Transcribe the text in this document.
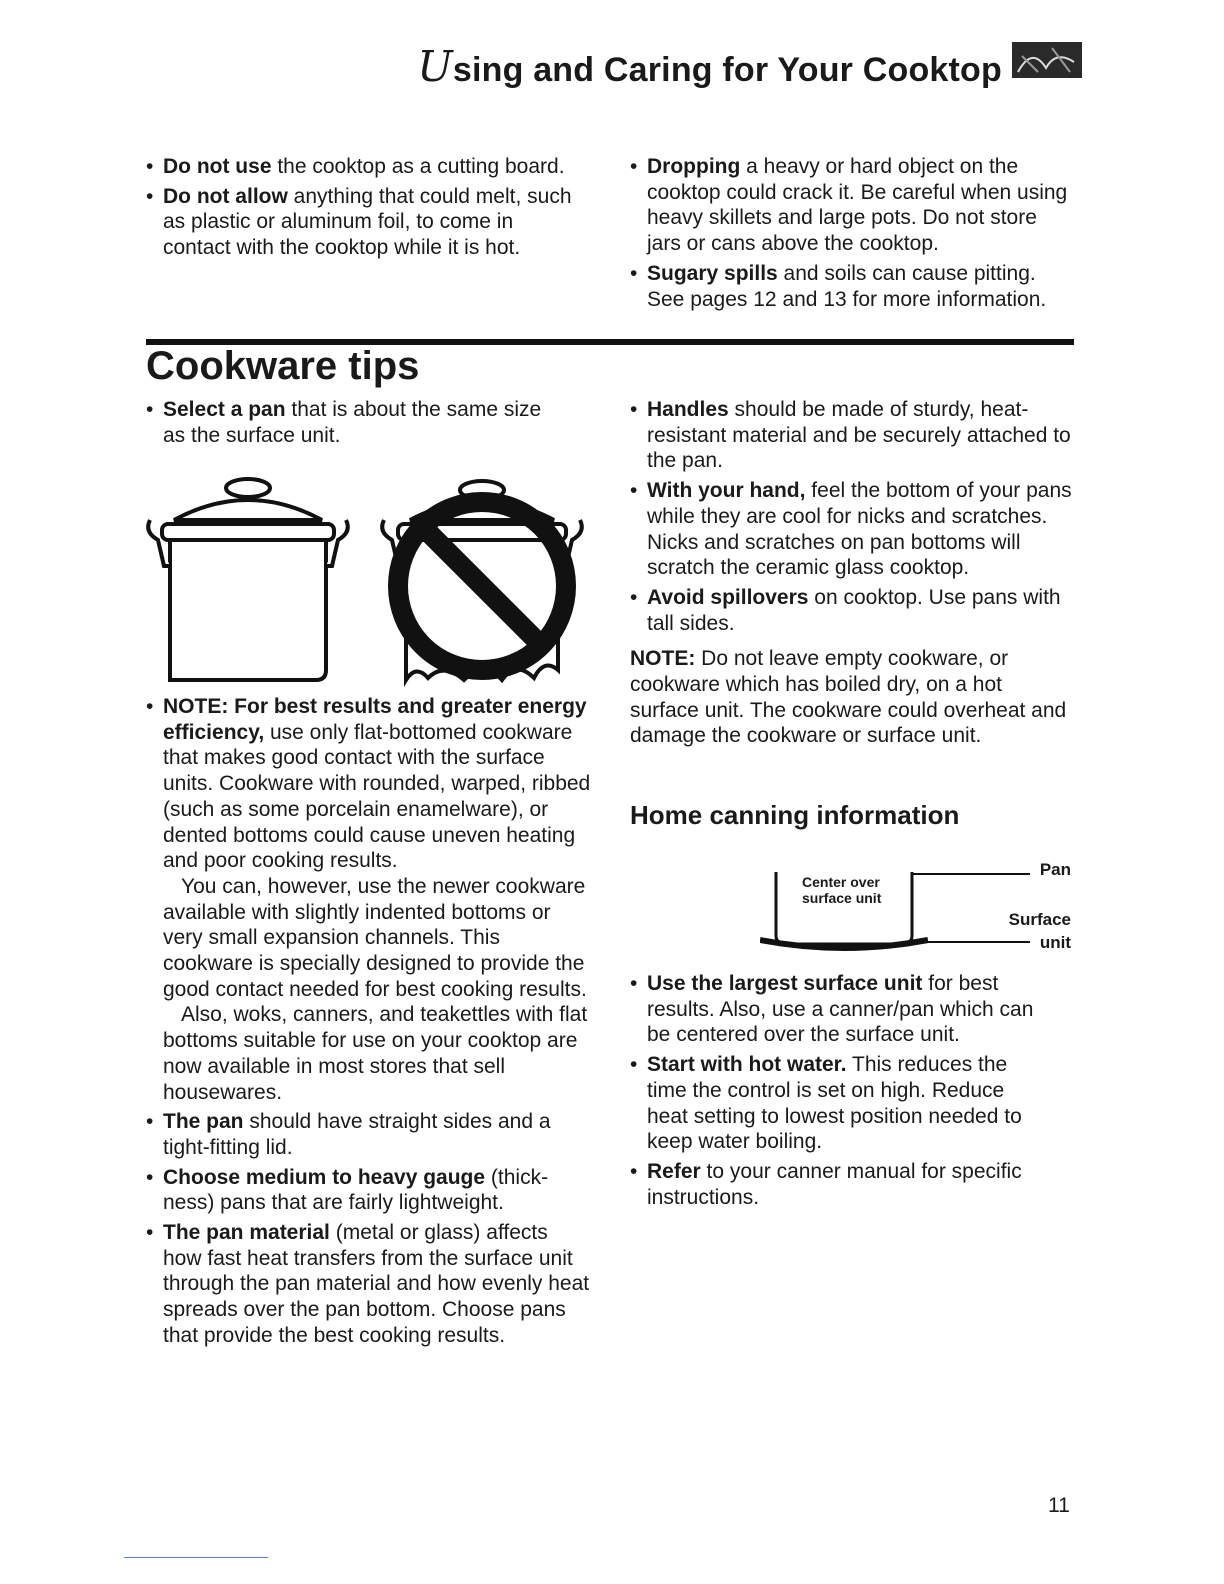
Using and Caring for Your Cooktop
• Do not use the cooktop as a cutting board.
• Do not allow anything that could melt, such as plastic or aluminum foil, to come in contact with the cooktop while it is hot.
• Dropping a heavy or hard object on the cooktop could crack it. Be careful when using heavy skillets and large pots. Do not store jars or cans above the cooktop.
• Sugary spills and soils can cause pitting. See pages 12 and 13 for more information.
Cookware tips
• Select a pan that is about the same size as the surface unit.
• NOTE: For best results and greater energy efficiency, use only flat-bottomed cookware that makes good contact with the surface units. Cookware with rounded, warped, ribbed (such as some porcelain enamelware), or dented bottoms could cause uneven heating and poor cooking results.

You can, however, use the newer cookware available with slightly indented bottoms or very small expansion channels. This cookware is specially designed to provide the good contact needed for best cooking results.

Also, woks, canners, and teakettles with flat bottoms suitable for use on your cooktop are now available in most stores that sell housewares.

• The pan should have straight sides and a tight-fitting lid.
• Choose medium to heavy gauge (thick-ness) pans that are fairly lightweight.
• The pan material (metal or glass) affects how fast heat transfers from the surface unit through the pan material and how evenly heat spreads over the pan bottom. Choose pans that provide the best cooking results.
• Handles should be made of sturdy, heat-resistant material and be securely attached to the pan.
• With your hand, feel the bottom of your pans while they are cool for nicks and scratches. Nicks and scratches on pan bottoms will scratch the ceramic glass cooktop.
• Avoid spillovers on cooktop. Use pans with tall sides.

NOTE: Do not leave empty cookware, or cookware which has boiled dry, on a hot surface unit. The cookware could overheat and damage the cookware or surface unit.

Home canning information
Center over
surface unit
Pan
Surface
unit
• Use the largest surface unit for best results. Also, use a canner/pan which can be centered over the surface unit.
• Start with hot water. This reduces the time the control is set on high. Reduce heat setting to lowest position needed to keep water boiling.
• Refer to your canner manual for specific instructions.
11
